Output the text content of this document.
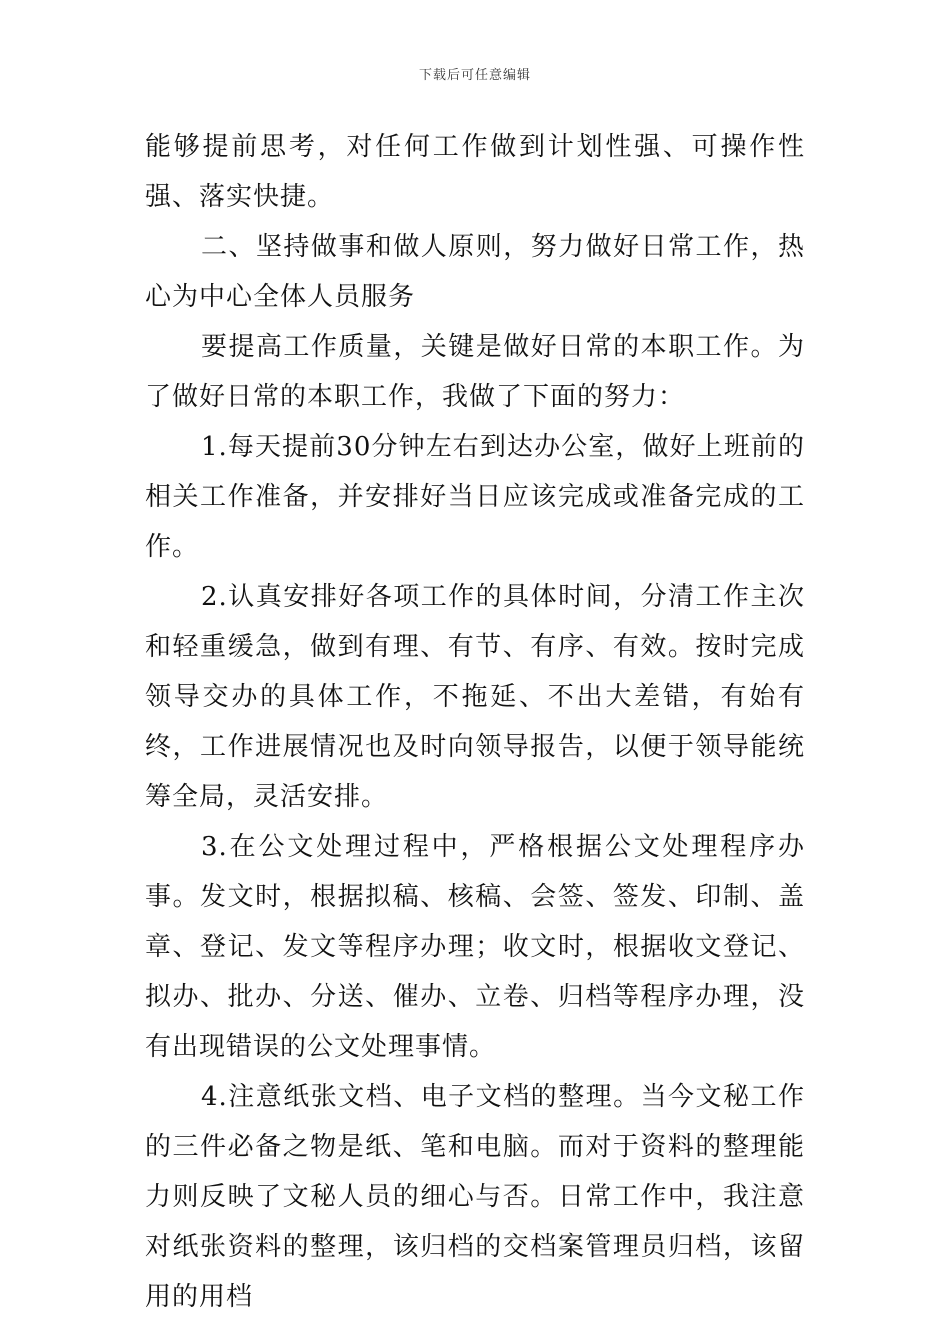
下载后可任意编辑

能够提前思考，对任何工作做到计划性强、可操作性强、落实快捷。

二、坚持做事和做人原则，努力做好日常工作，热心为中心全体人员服务

要提高工作质量，关键是做好日常的本职工作。为了做好日常的本职工作，我做了下面的努力：

1.每天提前30分钟左右到达办公室，做好上班前的相关工作准备，并安排好当日应该完成或准备完成的工作。

2.认真安排好各项工作的具体时间，分清工作主次和轻重缓急，做到有理、有节、有序、有效。按时完成领导交办的具体工作，不拖延、不出大差错，有始有终，工作进展情况也及时向领导报告，以便于领导能统筹全局，灵活安排。

3.在公文处理过程中，严格根据公文处理程序办事。发文时，根据拟稿、核稿、会签、签发、印制、盖章、登记、发文等程序办理；收文时，根据收文登记、拟办、批办、分送、催办、立卷、归档等程序办理，没有出现错误的公文处理事情。

4.注意纸张文档、电子文档的整理。当今文秘工作的三件必备之物是纸、笔和电脑。而对于资料的整理能力则反映了文秘人员的细心与否。日常工作中，我注意对纸张资料的整理，该归档的交档案管理员归档，该留用的用档
